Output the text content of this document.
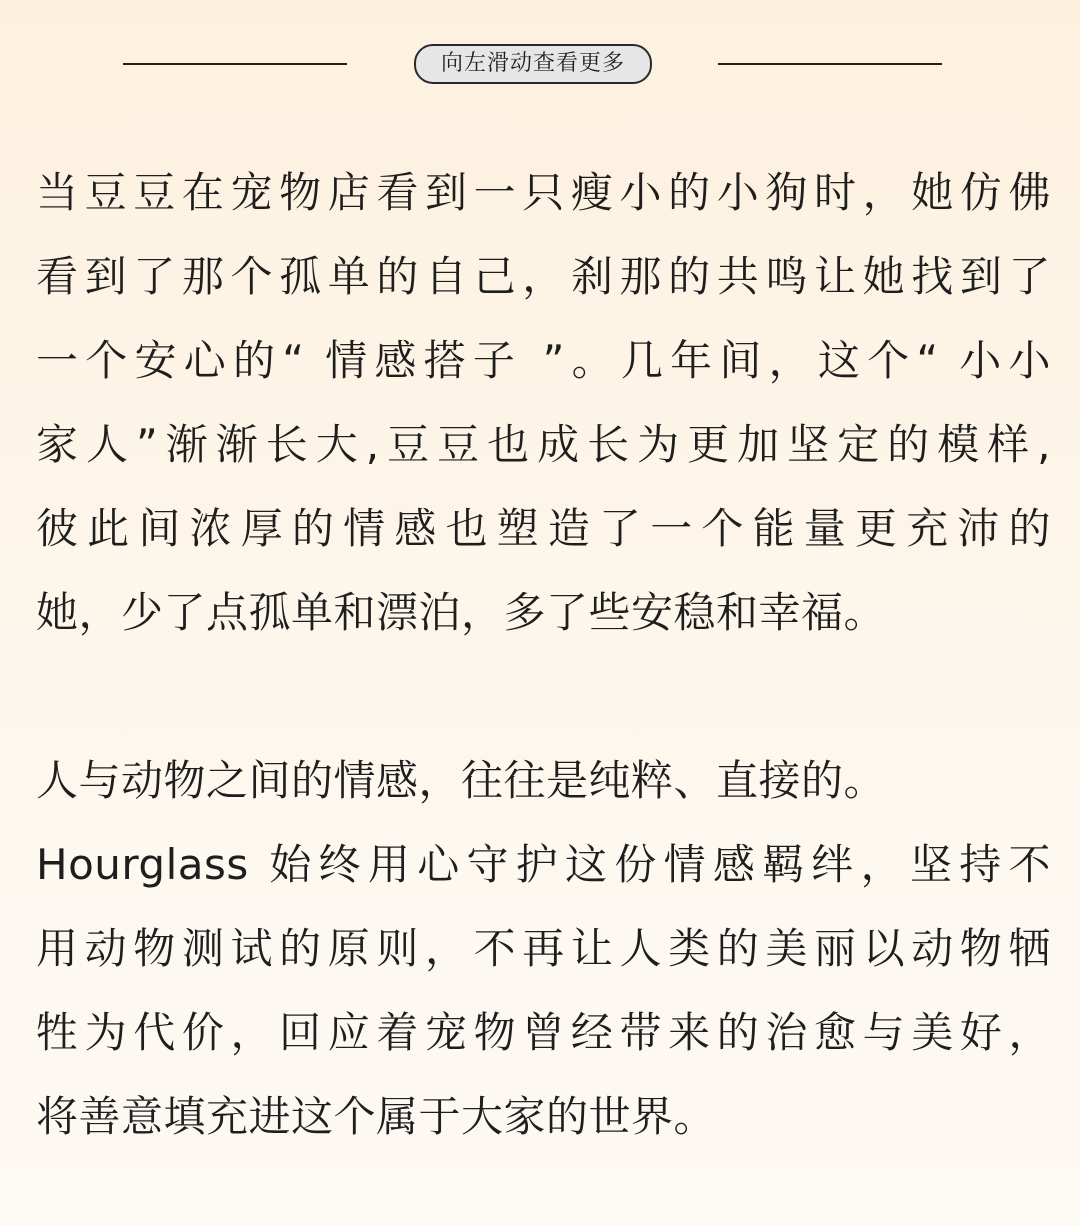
向左滑动查看更多
当豆豆在宠物店看到一只瘦小的小狗时，她仿佛
看到了那个孤单的自己，刹那的共鸣让她找到了
一个安心的“ 情感搭子 ”。几年间，这个“ 小小
家人”渐渐长大,豆豆也成长为更加坚定的模样,
彼此间浓厚的情感也塑造了一个能量更充沛的
她，少了点孤单和漂泊，多了些安稳和幸福。
人与动物之间的情感，往往是纯粹、直接的。
Hourglass 始终用心守护这份情感羁绊，坚持不
用动物测试的原则，不再让人类的美丽以动物牺
牲为代价，回应着宠物曾经带来的治愈与美好，
将善意填充进这个属于大家的世界。
